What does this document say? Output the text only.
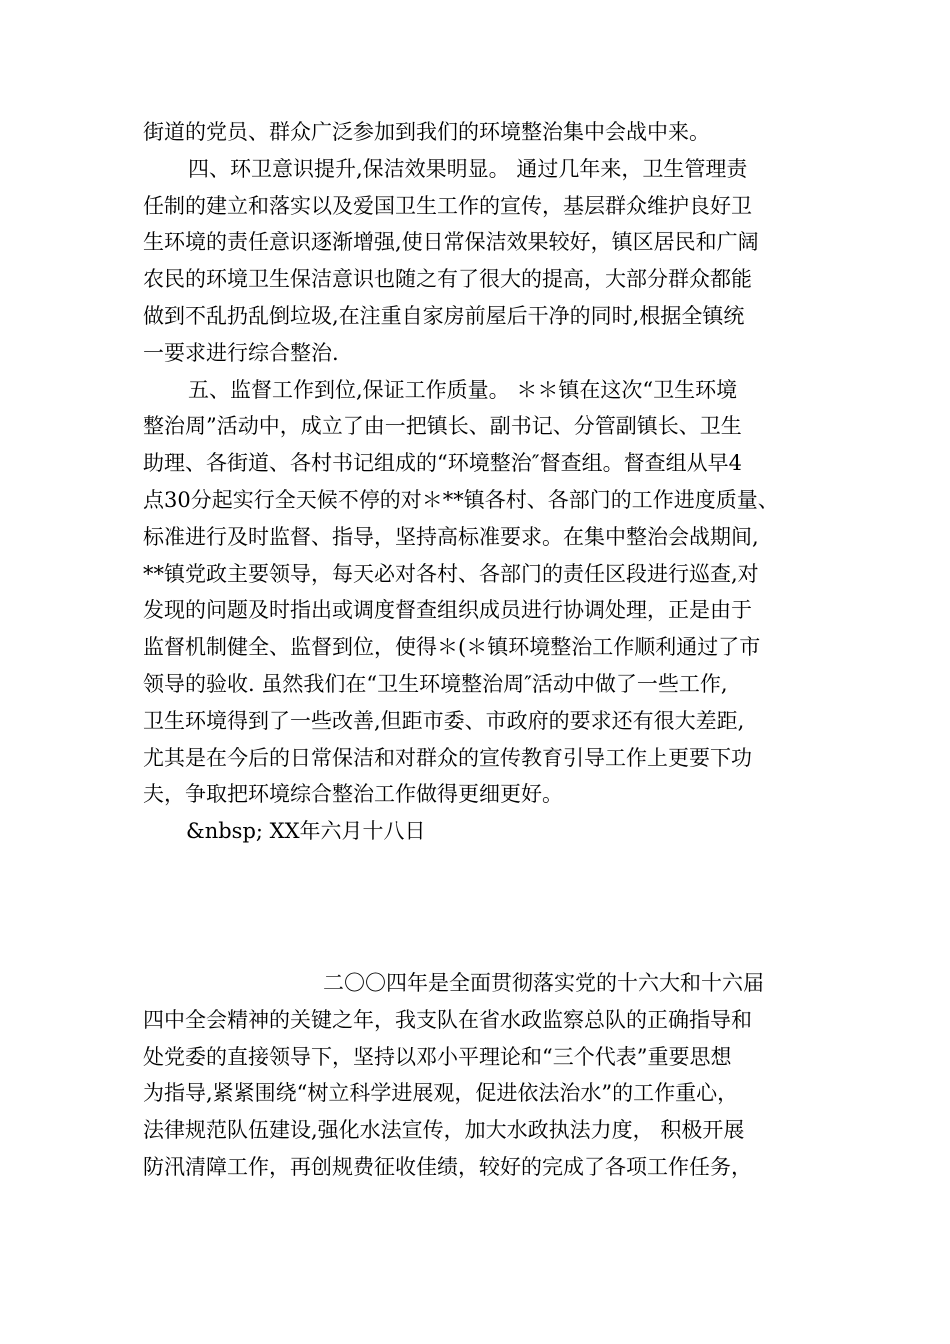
街道的党员、群众广泛参加到我们的环境整治集中会战中来。
四、环卫意识提升,保洁效果明显。 通过几年来，卫生管理责
任制的建立和落实以及爱国卫生工作的宣传，基层群众维护良好卫
生环境的责任意识逐渐增强,使日常保洁效果较好，镇区居民和广阔
农民的环境卫生保洁意识也随之有了很大的提高，大部分群众都能
做到不乱扔乱倒垃圾,在注重自家房前屋后干净的同时,根据全镇统
一要求进行综合整治.
五、监督工作到位,保证工作质量。 ＊＊镇在这次“卫生环境
整治周”活动中，成立了由一把镇长、副书记、分管副镇长、卫生
助理、各街道、各村书记组成的“环境整治″督查组。督查组从早4
点30分起实行全天候不停的对＊**镇各村、各部门的工作进度质量、
标准进行及时监督、指导，坚持高标准要求。在集中整治会战期间,
**镇党政主要领导，每天必对各村、各部门的责任区段进行巡查,对
发现的问题及时指出或调度督查组织成员进行协调处理，正是由于
监督机制健全、监督到位，使得＊(＊镇环境整治工作顺利通过了市
领导的验收. 虽然我们在“卫生环境整治周″活动中做了一些工作,
卫生环境得到了一些改善,但距市委、市政府的要求还有很大差距,
尤其是在今后的日常保洁和对群众的宣传教育引导工作上更要下功
夫，争取把环境综合整治工作做得更细更好。
&nbsp; XX年六月十八日
二〇〇四年是全面贯彻落实党的十六大和十六届
四中全会精神的关键之年，我支队在省水政监察总队的正确指导和
处党委的直接领导下，坚持以邓小平理论和“三个代表”重要思想
为指导,紧紧围绕“树立科学进展观，促进依法治水”的工作重心，
法律规范队伍建设,强化水法宣传，加大水政执法力度， 积极开展
防汛清障工作，再创规费征收佳绩，较好的完成了各项工作任务，
